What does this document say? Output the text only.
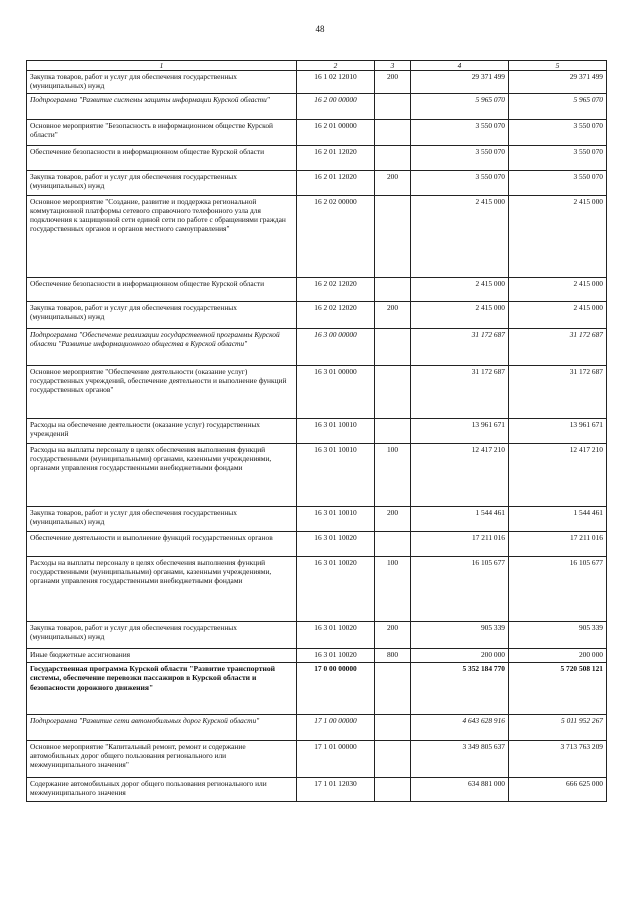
48
1	2	3	4	5
Закупка товаров, работ и услуг для обеспечения государственных (муниципальных) нужд	16 1 02 12010	200	29 371 499	29 371 499
Подпрограмма "Развитие системы защиты информации Курской области"	16 2 00 00000		5 965 070	5 965 070
Основное мероприятие "Безопасность в информационном обществе Курской области"	16 2 01 00000		3 550 070	3 550 070
Обеспечение безопасности в информационном обществе Курской области	16 2 01 12020		3 550 070	3 550 070
Закупка товаров, работ и услуг для обеспечения государственных (муниципальных) нужд	16 2 01 12020	200	3 550 070	3 550 070
Основное мероприятие "Создание, развитие и поддержка региональной коммутационной платформы сетевого справочного телефонного узла для подключения к защищенной сети единой сети по работе с обращениями граждан государственных органов и органов местного самоуправления"	16 2 02 00000		2 415 000	2 415 000
Обеспечение безопасности в информационном обществе Курской области	16 2 02 12020		2 415 000	2 415 000
Закупка товаров, работ и услуг для обеспечения государственных (муниципальных) нужд	16 2 02 12020	200	2 415 000	2 415 000
Подпрограмма "Обеспечение реализации государственной программы Курской области "Развитие информационного общества в Курской области"	16 3 00 00000		31 172 687	31 172 687
Основное мероприятие "Обеспечение деятельности (оказание услуг) государственных учреждений, обеспечение деятельности и выполнение функций государственных органов"	16 3 01 00000		31 172 687	31 172 687
Расходы на обеспечение деятельности (оказание услуг) государственных учреждений	16 3 01 10010		13 961 671	13 961 671
Расходы на выплаты персоналу в целях обеспечения выполнения функций государственными (муниципальными) органами, казенными учреждениями, органами управления государственными внебюджетными фондами	16 3 01 10010	100	12 417 210	12 417 210
Закупка товаров, работ и услуг для обеспечения государственных (муниципальных) нужд	16 3 01 10010	200	1 544 461	1 544 461
Обеспечение деятельности и выполнение функций государственных органов	16 3 01 10020		17 211 016	17 211 016
Расходы на выплаты персоналу в целях обеспечения выполнения функций государственными (муниципальными) органами, казенными учреждениями, органами управления государственными внебюджетными фондами	16 3 01 10020	100	16 105 677	16 105 677
Закупка товаров, работ и услуг для обеспечения государственных (муниципальных) нужд	16 3 01 10020	200	905 339	905 339
Иные бюджетные ассигнования	16 3 01 10020	800	200 000	200 000
Государственная программа Курской области "Развитие транспортной системы, обеспечение перевозки пассажиров в Курской области и безопасности дорожного движения"	17 0 00 00000		5 352 184 770	5 720 508 121
Подпрограмма "Развитие сети автомобильных дорог Курской области"	17 1 00 00000		4 643 628 916	5 011 952 267
Основное мероприятие "Капитальный ремонт, ремонт и содержание автомобильных дорог общего пользования регионального или межмуниципального значения"	17 1 01 00000		3 349 805 637	3 713 763 209
Содержание автомобильных дорог общего пользования регионального или межмуниципального значения	17 1 01 12030		634 881 000	666 625 000
